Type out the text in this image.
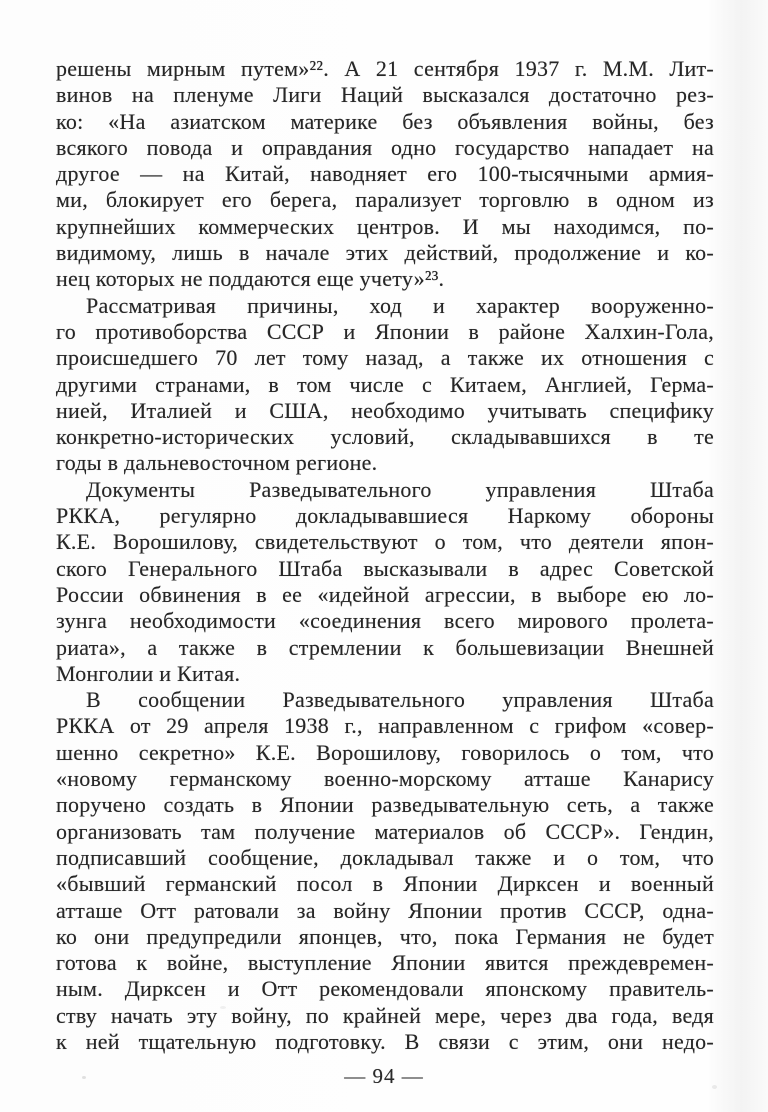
решены мирным путем»²². А 21 сентября 1937 г. М.М. Лит-
винов на пленуме Лиги Наций высказался достаточно рез-
ко: «На азиатском материке без объявления войны, без
всякого повода и оправдания одно государство нападает на
другое — на Китай, наводняет его 100-тысячными армия-
ми, блокирует его берега, парализует торговлю в одном из
крупнейших коммерческих центров. И мы находимся, по-
видимому, лишь в начале этих действий, продолжение и ко-
нец которых не поддаются еще учету»²³.
Рассматривая причины, ход и характер вооруженно-
го противоборства СССР и Японии в районе Халхин-Гола,
происшедшего 70 лет тому назад, а также их отношения с
другими странами, в том числе с Китаем, Англией, Герма-
нией, Италией и США, необходимо учитывать специфику
конкретно-исторических условий, складывавшихся в те
годы в дальневосточном регионе.
Документы Разведывательного управления Штаба
РККА, регулярно докладывавшиеся Наркому обороны
К.Е. Ворошилову, свидетельствуют о том, что деятели япон-
ского Генерального Штаба высказывали в адрес Советской
России обвинения в ее «идейной агрессии, в выборе ею ло-
зунга необходимости «соединения всего мирового пролета-
риата», а также в стремлении к большевизации Внешней
Монголии и Китая.
В сообщении Разведывательного управления Штаба
РККА от 29 апреля 1938 г., направленном с грифом «совер-
шенно секретно» К.Е. Ворошилову, говорилось о том, что
«новому германскому военно-морскому атташе Канарису
поручено создать в Японии разведывательную сеть, а также
организовать там получение материалов об СССР». Гендин,
подписавший сообщение, докладывал также и о том, что
«бывший германский посол в Японии Дирксен и военный
атташе Отт ратовали за войну Японии против СССР, одна-
ко они предупредили японцев, что, пока Германия не будет
готова к войне, выступление Японии явится преждевремен-
ным. Дирксен и Отт рекомендовали японскому правитель-
ству начать эту войну, по крайней мере, через два года, ведя
к ней тщательную подготовку. В связи с этим, они недо-
— 94 —
